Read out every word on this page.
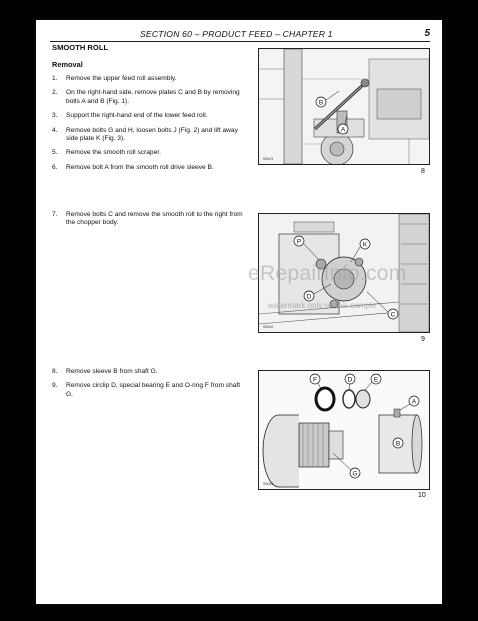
SECTION 60 – PRODUCT FEED – CHAPTER 1	5
SMOOTH ROLL
Removal
1. Remove the upper feed roll assembly.
2. On the right-hand side, remove plates C and B by removing bolts A and B (Fig. 1).
3. Support the right-hand end of the lower feed roll.
4. Remove bolts G and H, loosen bolts J (Fig. 2) and lift away side plate K (Fig. 3).
5. Remove the smooth roll scraper.
6. Remove bolt A from the smooth roll drive sleeve B.
7. Remove bolts C and remove the smooth roll to the right from the chopper body.
8. Remove sleeve B from shaft G.
9. Remove circlip D, special bearing E and O-ring F from shaft G.
B
A
S0n01
8
P	K
D
C
S0n02
9
F	D	E
A
B
G
S0n03
10
eRepairInfo.com
watermark only on this sample
